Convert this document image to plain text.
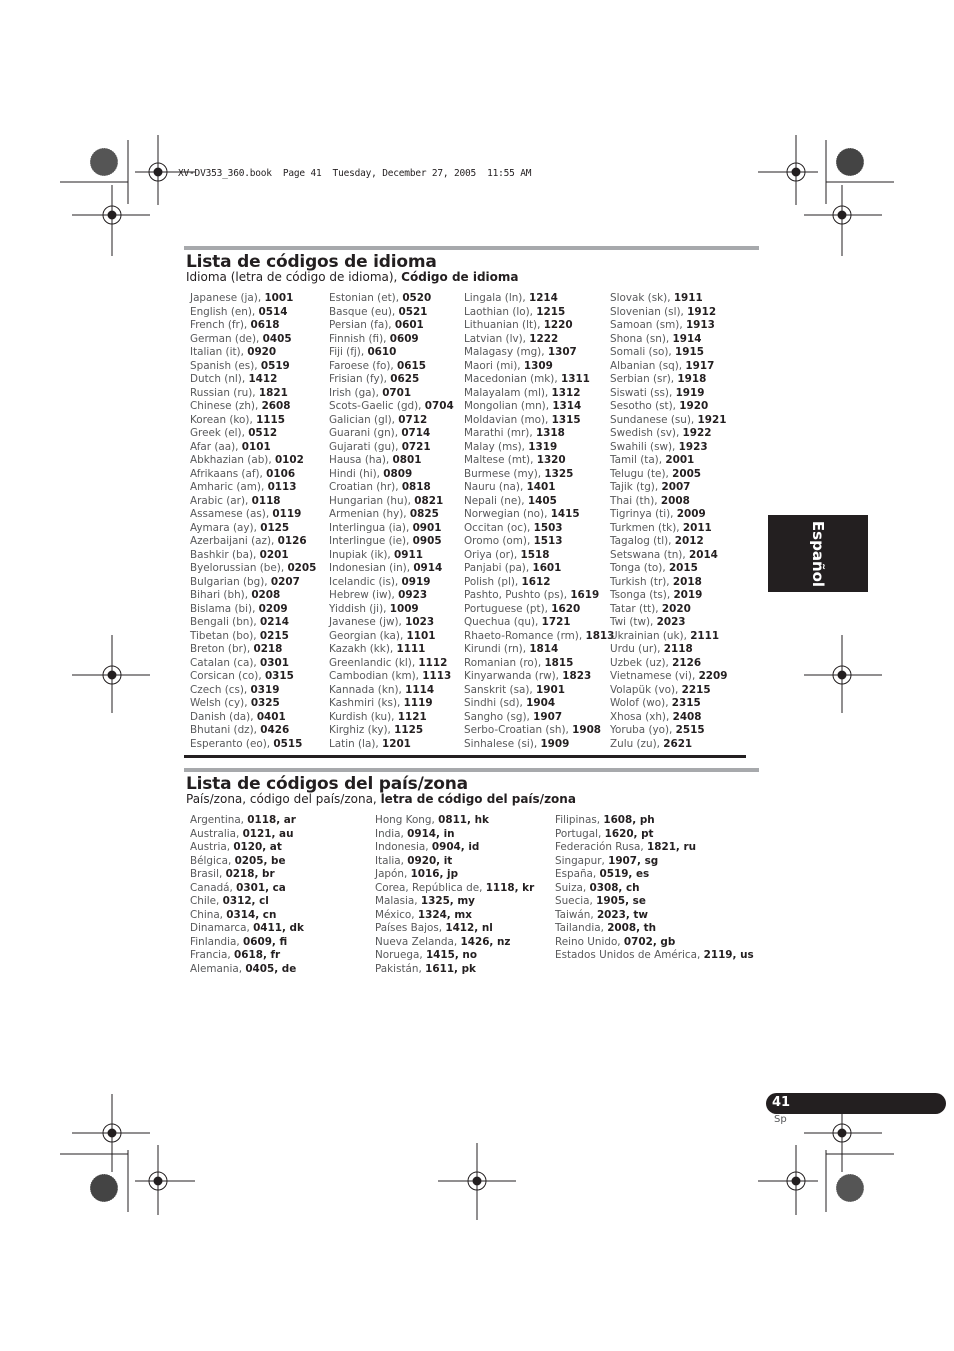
XV-DV353_360.book  Page 41  Tuesday, December 27, 2005  11:55 AM
Lista de códigos de idioma
Idioma (letra de código de idioma), Código de idioma
Japanese (ja), 1001
English (en), 0514
French (fr), 0618
German (de), 0405
Italian (it), 0920
Spanish (es), 0519
Dutch (nl), 1412
Russian (ru), 1821
Chinese (zh), 2608
Korean (ko), 1115
Greek (el), 0512
Afar (aa), 0101
Abkhazian (ab), 0102
Afrikaans (af), 0106
Amharic (am), 0113
Arabic (ar), 0118
Assamese (as), 0119
Aymara (ay), 0125
Azerbaijani (az), 0126
Bashkir (ba), 0201
Byelorussian (be), 0205
Bulgarian (bg), 0207
Bihari (bh), 0208
Bislama (bi), 0209
Bengali (bn), 0214
Tibetan (bo), 0215
Breton (br), 0218
Catalan (ca), 0301
Corsican (co), 0315
Czech (cs), 0319
Welsh (cy), 0325
Danish (da), 0401
Bhutani (dz), 0426
Esperanto (eo), 0515
Estonian (et), 0520
Basque (eu), 0521
Persian (fa), 0601
Finnish (fi), 0609
Fiji (fj), 0610
Faroese (fo), 0615
Frisian (fy), 0625
Irish (ga), 0701
Scots-Gaelic (gd), 0704
Galician (gl), 0712
Guarani (gn), 0714
Gujarati (gu), 0721
Hausa (ha), 0801
Hindi (hi), 0809
Croatian (hr), 0818
Hungarian (hu), 0821
Armenian (hy), 0825
Interlingua (ia), 0901
Interlingue (ie), 0905
Inupiak (ik), 0911
Indonesian (in), 0914
Icelandic (is), 0919
Hebrew (iw), 0923
Yiddish (ji), 1009
Javanese (jw), 1023
Georgian (ka), 1101
Kazakh (kk), 1111
Greenlandic (kl), 1112
Cambodian (km), 1113
Kannada (kn), 1114
Kashmiri (ks), 1119
Kurdish (ku), 1121
Kirghiz (ky), 1125
Latin (la), 1201
Lingala (ln), 1214
Laothian (lo), 1215
Lithuanian (lt), 1220
Latvian (lv), 1222
Malagasy (mg), 1307
Maori (mi), 1309
Macedonian (mk), 1311
Malayalam (ml), 1312
Mongolian (mn), 1314
Moldavian (mo), 1315
Marathi (mr), 1318
Malay (ms), 1319
Maltese (mt), 1320
Burmese (my), 1325
Nauru (na), 1401
Nepali (ne), 1405
Norwegian (no), 1415
Occitan (oc), 1503
Oromo (om), 1513
Oriya (or), 1518
Panjabi (pa), 1601
Polish (pl), 1612
Pashto, Pushto (ps), 1619
Portuguese (pt), 1620
Quechua (qu), 1721
Rhaeto-Romance (rm), 1813
Kirundi (rn), 1814
Romanian (ro), 1815
Kinyarwanda (rw), 1823
Sanskrit (sa), 1901
Sindhi (sd), 1904
Sangho (sg), 1907
Serbo-Croatian (sh), 1908
Sinhalese (si), 1909
Slovak (sk), 1911
Slovenian (sl), 1912
Samoan (sm), 1913
Shona (sn), 1914
Somali (so), 1915
Albanian (sq), 1917
Serbian (sr), 1918
Siswati (ss), 1919
Sesotho (st), 1920
Sundanese (su), 1921
Swedish (sv), 1922
Swahili (sw), 1923
Tamil (ta), 2001
Telugu (te), 2005
Tajik (tg), 2007
Thai (th), 2008
Tigrinya (ti), 2009
Turkmen (tk), 2011
Tagalog (tl), 2012
Setswana (tn), 2014
Tonga (to), 2015
Turkish (tr), 2018
Tsonga (ts), 2019
Tatar (tt), 2020
Twi (tw), 2023
Ukrainian (uk), 2111
Urdu (ur), 2118
Uzbek (uz), 2126
Vietnamese (vi), 2209
Volapük (vo), 2215
Wolof (wo), 2315
Xhosa (xh), 2408
Yoruba (yo), 2515
Zulu (zu), 2621
Lista de códigos del país/zona
País/zona, código del país/zona, letra de código del país/zona
Argentina, 0118, ar
Australia, 0121, au
Austria, 0120, at
Bélgica, 0205, be
Brasil, 0218, br
Canadá, 0301, ca
Chile, 0312, cl
China, 0314, cn
Dinamarca, 0411, dk
Finlandia, 0609, fi
Francia, 0618, fr
Alemania, 0405, de
Hong Kong, 0811, hk
India, 0914, in
Indonesia, 0904, id
Italia, 0920, it
Japón, 1016, jp
Corea, República de, 1118, kr
Malasia, 1325, my
México, 1324, mx
Países Bajos, 1412, nl
Nueva Zelanda, 1426, nz
Noruega, 1415, no
Pakistán, 1611, pk
Filipinas, 1608, ph
Portugal, 1620, pt
Federación Rusa, 1821, ru
Singapur, 1907, sg
España, 0519, es
Suiza, 0308, ch
Suecia, 1905, se
Taiwán, 2023, tw
Tailandia, 2008, th
Reino Unido, 0702, gb
Estados Unidos de América, 2119, us
Español
41
Sp
